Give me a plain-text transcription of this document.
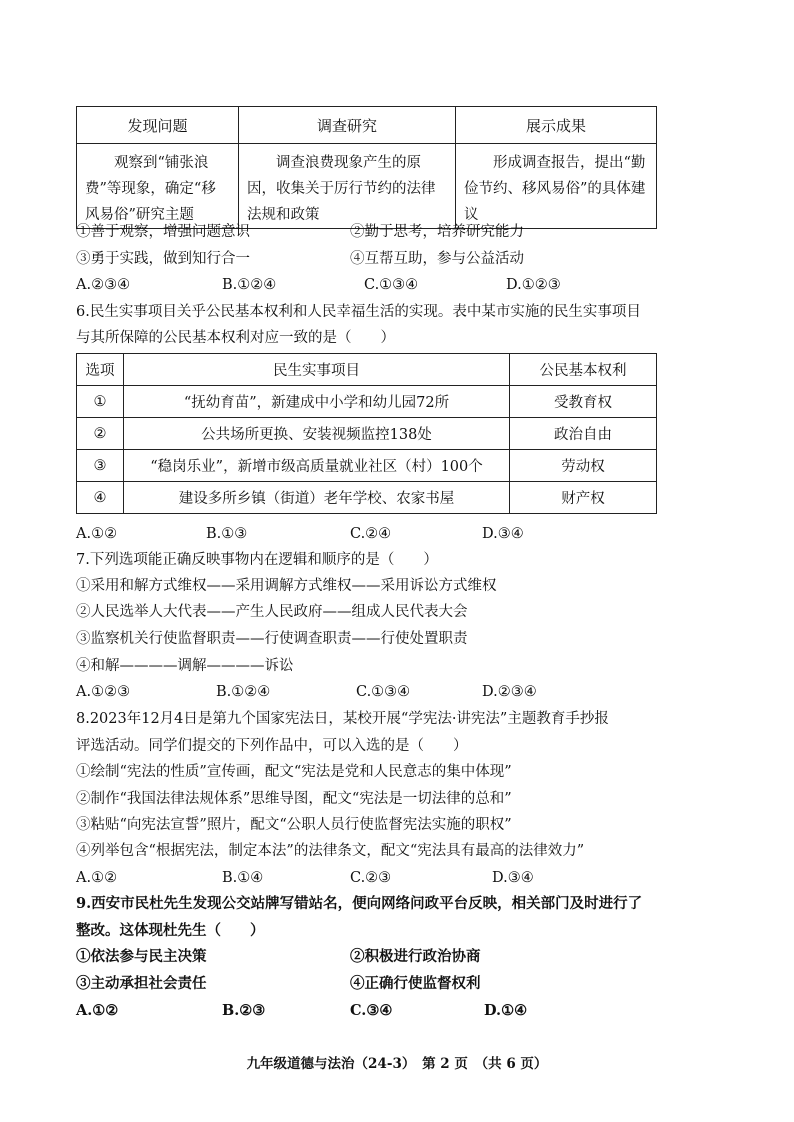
发现问题	调查研究	展示成果
观察到“铺张浪费”等现象，确定“移风易俗”研究主题	调查浪费现象产生的原因，收集关于厉行节约的法律法规和政策	形成调查报告，提出“勤俭节约、移风易俗”的具体建议
①善于观察，增强问题意识	②勤于思考，培养研究能力
③勇于实践，做到知行合一	④互帮互助，参与公益活动
A.②③④	B.①②④	C.①③④	D.①②③
6.民生实事项目关乎公民基本权利和人民幸福生活的实现。表中某市实施的民生实事项目
与其所保障的公民基本权利对应一致的是（　　）
选项	民生实事项目	公民基本权利
①	“抚幼育苗”，新建成中小学和幼儿园72所	受教育权
②	公共场所更换、安装视频监控138处	政治自由
③	“稳岗乐业”，新增市级高质量就业社区（村）100个	劳动权
④	建设多所乡镇（街道）老年学校、农家书屋	财产权
A.①②	B.①③	C.②④	D.③④
7.下列选项能正确反映事物内在逻辑和顺序的是（　　）
①采用和解方式维权——采用调解方式维权——采用诉讼方式维权
②人民选举人大代表——产生人民政府——组成人民代表大会
③监察机关行使监督职责——行使调查职责——行使处置职责
④和解————调解————诉讼
A.①②③	B.①②④	C.①③④	D.②③④
8.2023年12月4日是第九个国家宪法日，某校开展“学宪法·讲宪法”主题教育手抄报
评选活动。同学们提交的下列作品中，可以入选的是（　　）
①绘制“宪法的性质”宣传画，配文“宪法是党和人民意志的集中体现”
②制作“我国法律法规体系”思维导图，配文“宪法是一切法律的总和”
③粘贴“向宪法宣誓”照片，配文“公职人员行使监督宪法实施的职权”
④列举包含“根据宪法，制定本法”的法律条文，配文“宪法具有最高的法律效力”
A.①②	B.①④	C.②③	D.③④
9.西安市民杜先生发现公交站牌写错站名，便向网络问政平台反映，相关部门及时进行了
整改。这体现杜先生（　　）
①依法参与民主决策	②积极进行政治协商
③主动承担社会责任	④正确行使监督权利
A.①②	B.②③	C.③④	D.①④
九年级道德与法治（24-3）　第 2 页　（共 6 页）
